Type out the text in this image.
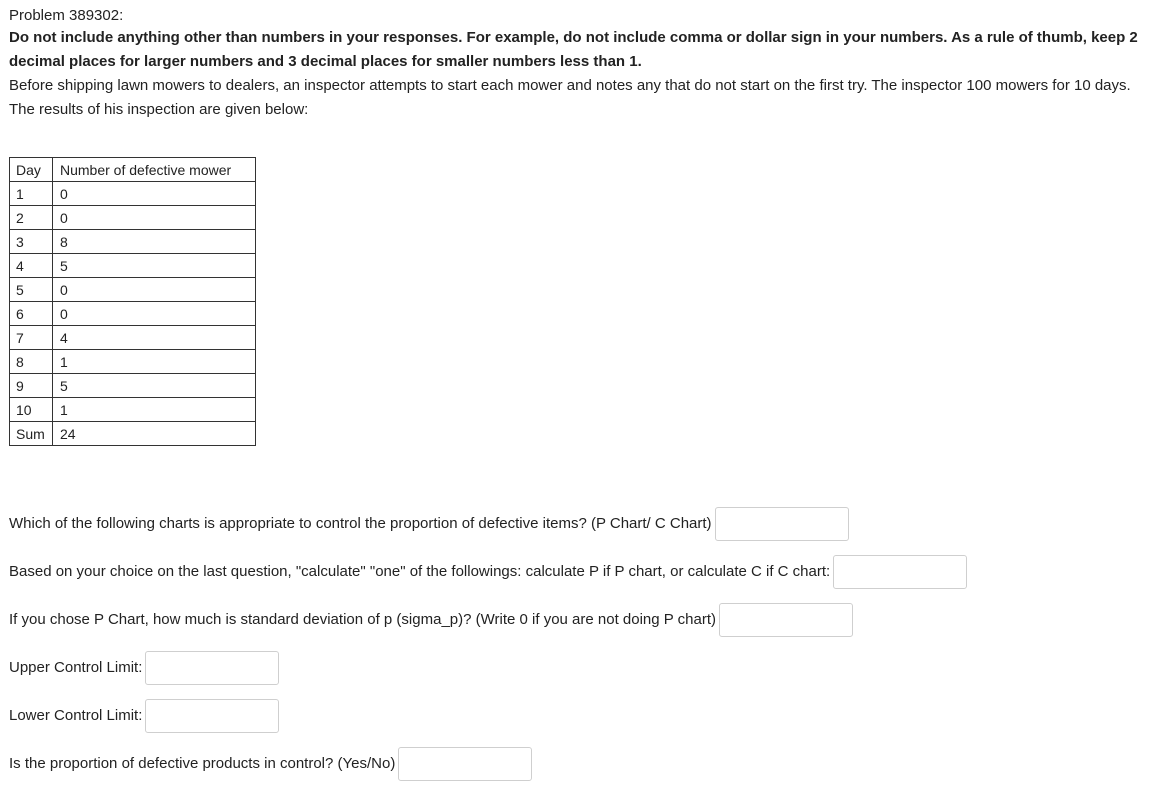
Problem 389302:
Do not include anything other than numbers in your responses. For example, do not include comma or dollar sign in your numbers. As a rule of thumb, keep 2 decimal places for larger numbers and 3 decimal places for smaller numbers less than 1.
Before shipping lawn mowers to dealers, an inspector attempts to start each mower and notes any that do not start on the first try. The inspector 100 mowers for 10 days. The results of his inspection are given below:
Day	Number of defective mower
1	0
2	0
3	8
4	5
5	0
6	0
7	4
8	1
9	5
10	1
Sum	24
Which of the following charts is appropriate to control the proportion of defective items? (P Chart/ C Chart)
Based on your choice on the last question, "calculate" "one" of the followings: calculate P if P chart, or calculate C if C chart:
If you chose P Chart, how much is standard deviation of p (sigma_p)? (Write 0 if you are not doing P chart)
Upper Control Limit:
Lower Control Limit:
Is the proportion of defective products in control? (Yes/No)
